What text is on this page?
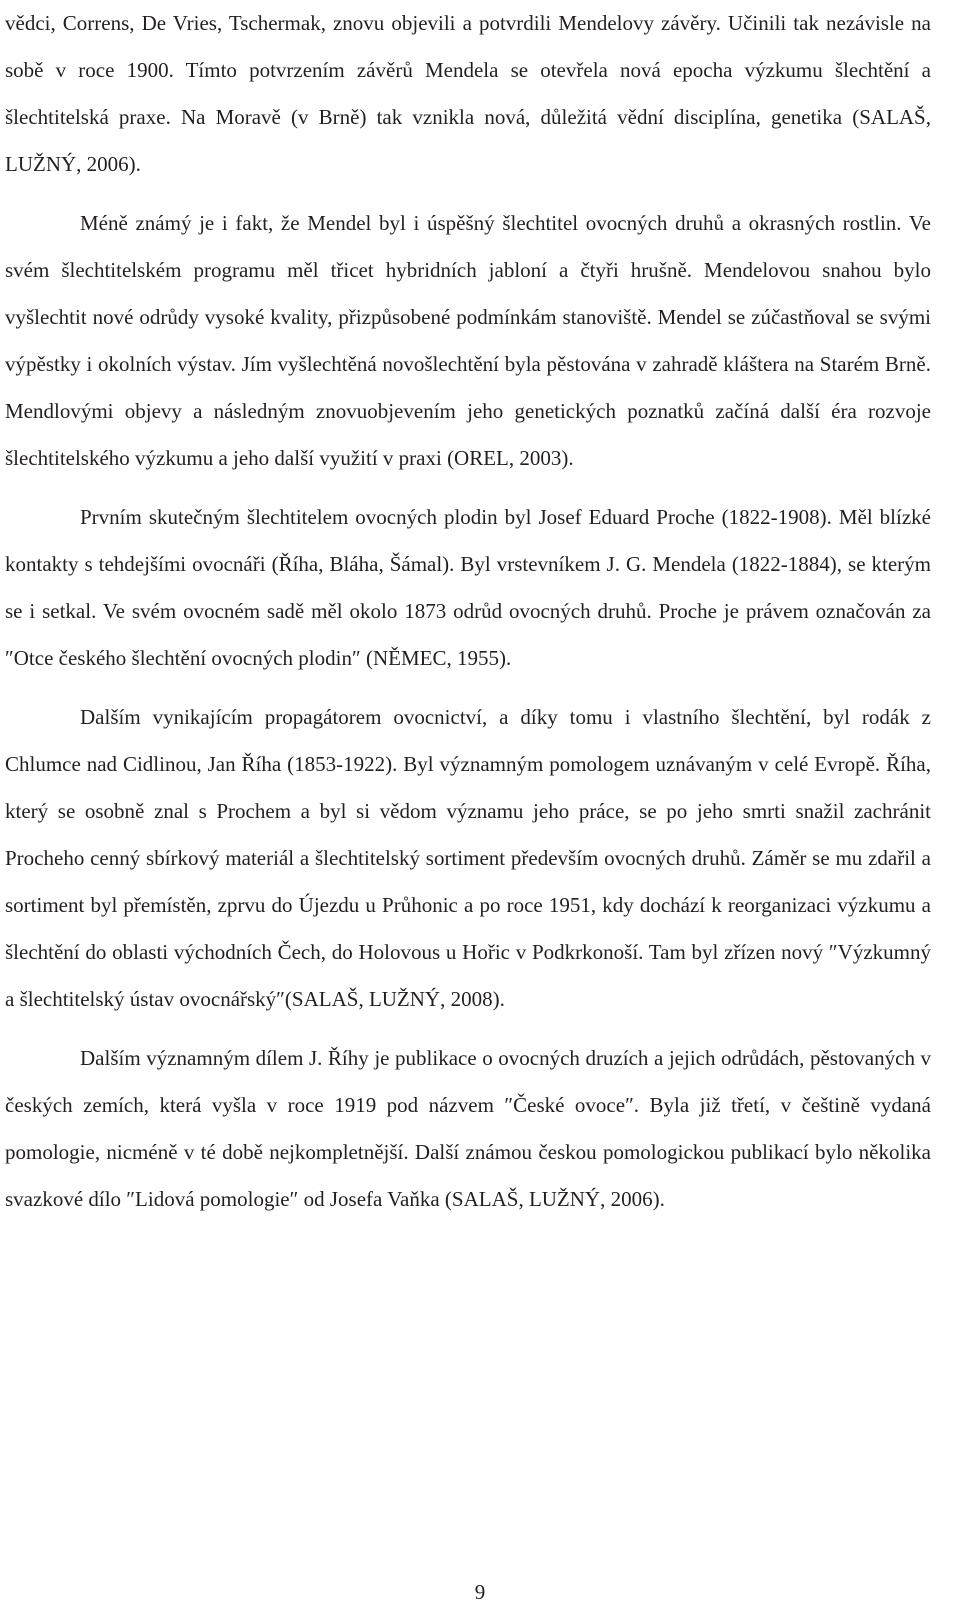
vědci, Correns, De Vries, Tschermak, znovu objevili a potvrdili Mendelovy závěry. Učinili tak nezávisle na sobě v roce 1900. Tímto potvrzením závěrů Mendela se otevřela nová epocha výzkumu šlechtění a šlechtitelská praxe. Na Moravě (v Brně) tak vznikla nová, důležitá vědní disciplína, genetika (SALAŠ, LUŽNÝ, 2006).

Méně známý je i fakt, že Mendel byl i úspěšný šlechtitel ovocných druhů a okrasných rostlin. Ve svém šlechtitelském programu měl třicet hybridních jabloní a čtyři hrušně. Mendelovou snahou bylo vyšlechtit nové odrůdy vysoké kvality, přizpůsobené podmínkám stanoviště. Mendel se zúčastňoval se svými výpěstky i okolních výstav. Jím vyšlechtěná novošlechtění byla pěstována v zahradě kláštera na Starém Brně. Mendlovými objevy a následným znovuobjevením jeho genetických poznatků začíná další éra rozvoje šlechtitelského výzkumu a jeho další využití v praxi (OREL, 2003).

Prvním skutečným šlechtitelem ovocných plodin byl Josef Eduard Proche (1822-1908). Měl blízké kontakty s tehdejšími ovocnáři (Říha, Bláha, Šámal). Byl vrstevníkem J. G. Mendela (1822-1884), se kterým se i setkal. Ve svém ovocném sadě měl okolo 1873 odrůd ovocných druhů. Proche je právem označován za ″Otce českého šlechtění ovocných plodin″ (NĚMEC, 1955).

Dalším vynikajícím propagátorem ovocnictví, a díky tomu i vlastního šlechtění, byl rodák z Chlumce nad Cidlinou, Jan Říha (1853-1922). Byl významným pomologem uznávaným v celé Evropě. Říha, který se osobně znal s Prochem a byl si vědom významu jeho práce, se po jeho smrti snažil zachránit Procheho cenný sbírkový materiál a šlechtitelský sortiment především ovocných druhů. Záměr se mu zdařil a sortiment byl přemístěn, zprvu do Újezdu u Průhonic a po roce 1951, kdy dochází k reorganizaci výzkumu a šlechtění do oblasti východních Čech, do Holovous u Hořic v Podkrkonoší. Tam byl zřízen nový ″Výzkumný a šlechtitelský ústav ovocnářský″(SALAŠ, LUŽNÝ, 2008).

Dalším významným dílem J. Říhy je publikace o ovocných druzích a jejich odrůdách, pěstovaných v českých zemích, která vyšla v roce 1919 pod názvem ″České ovoce″. Byla již třetí, v češtině vydaná pomologie, nicméně v té době nejkompletnější. Další známou českou pomologickou publikací bylo několika svazkové dílo ″Lidová pomologie″ od Josefa Vaňka (SALAŠ, LUŽNÝ, 2006).

9
